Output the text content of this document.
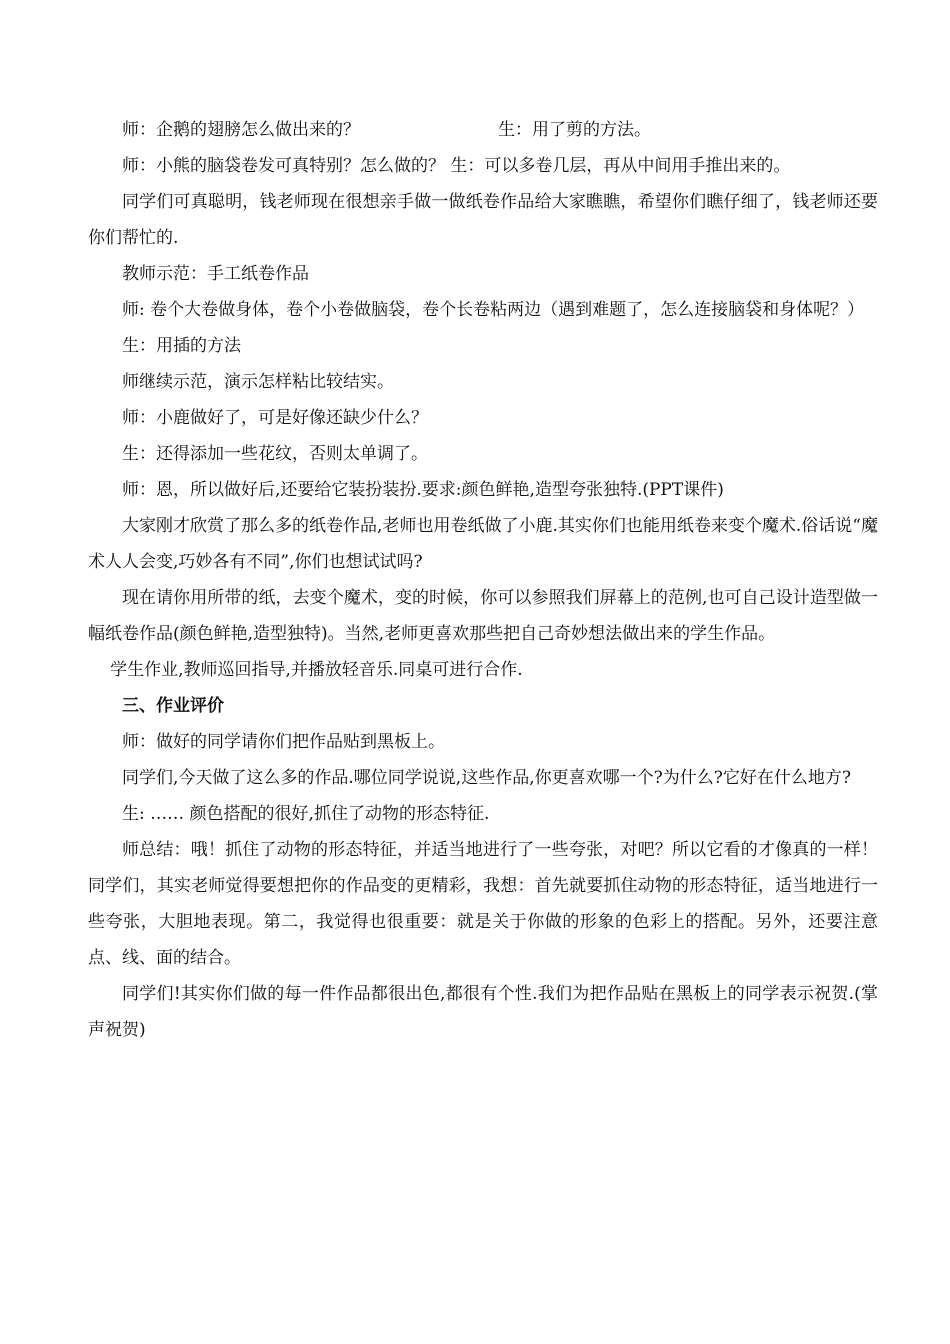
师：企鹅的翅膀怎么做出来的？	生：用了剪的方法。

师：小熊的脑袋卷发可真特别？怎么做的？ 生：可以多卷几层，再从中间用手推出来的。

同学们可真聪明，钱老师现在很想亲手做一做纸卷作品给大家瞧瞧，希望你们瞧仔细了，钱老师还要你们帮忙的.

教师示范：手工纸卷作品

师: 卷个大卷做身体，卷个小卷做脑袋，卷个长卷粘两边（遇到难题了，怎么连接脑袋和身体呢？）

生：用插的方法

师继续示范，演示怎样粘比较结实。

师：小鹿做好了，可是好像还缺少什么？

生：还得添加一些花纹，否则太单调了。

师：恩，所以做好后,还要给它装扮装扮.要求:颜色鲜艳,造型夸张独特.(PPT课件)

大家刚才欣赏了那么多的纸卷作品,老师也用卷纸做了小鹿.其实你们也能用纸卷来变个魔术.俗话说“魔术人人会变,巧妙各有不同”,你们也想试试吗?

现在请你用所带的纸，去变个魔术，变的时候，你可以参照我们屏幕上的范例,也可自己设计造型做一幅纸卷作品(颜色鲜艳,造型独特)。当然,老师更喜欢那些把自己奇妙想法做出来的学生作品。

学生作业,教师巡回指导,并播放轻音乐.同桌可进行合作.

三、作业评价

师：做好的同学请你们把作品贴到黑板上。

同学们,今天做了这么多的作品.哪位同学说说,这些作品,你更喜欢哪一个?为什么?它好在什么地方?

生: …… 颜色搭配的很好,抓住了动物的形态特征.

师总结：哦！抓住了动物的形态特征，并适当地进行了一些夸张，对吧？所以它看的才像真的一样！同学们，其实老师觉得要想把你的作品变的更精彩，我想：首先就要抓住动物的形态特征，适当地进行一些夸张，大胆地表现。第二，我觉得也很重要：就是关于你做的形象的色彩上的搭配。另外，还要注意点、线、面的结合。

同学们!其实你们做的每一件作品都很出色,都很有个性.我们为把作品贴在黑板上的同学表示祝贺.(掌声祝贺)
